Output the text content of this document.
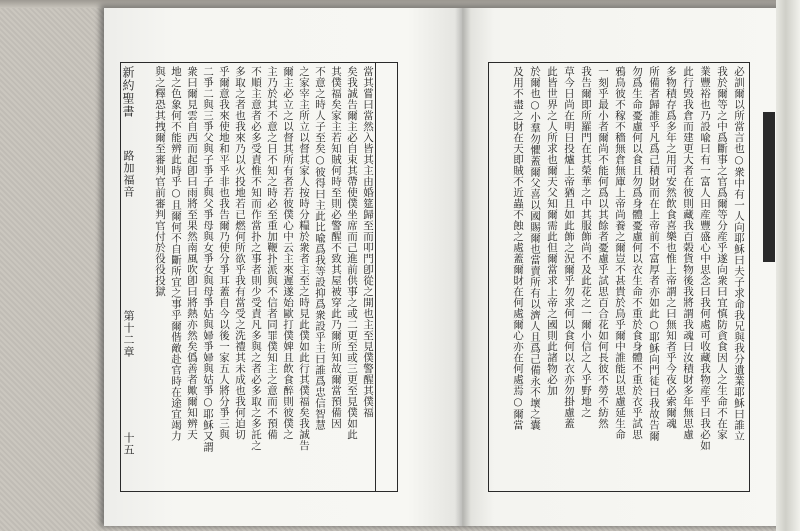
新約聖書
路加福音
第十二章
十五
當其嘗曰當然入皆其主由婚筵歸至而叩門卽從之開也主至見僕警醒其僕福
矣我誠告爾主必自束其帶使僕坐席而己進前供事之或二更至或三更至見僕如此
其僕福矣家主若知賊何時至則必警醒不致其屋被穿此乃爾所知故爾當預備因
不意之時人子至矣○彼得曰主此比喩爲我等設抑爲衆設乎主曰誰爲忠信智慧
之家宰主所立以督其家人按時分糧於衆者主至之時見此僕如此行其僕福矣我誠告
爾主必立之以督其所有者若彼僕心中云主來遲遂始歐打僕婢且飲食醉則彼僕之
主乃於其不意之日不知之時必至重加鞭扑派與不信者同罪僕知主之意而不預備
不順主意者必多受責惟不知而作當扑之事者則少受責凡多與之者必多取之多託之
多取之者也我來乃以火投地若已燃何所欲乎我有當受之洗禮其未成也我何迫切
乎爾意我來使地和平乎非也我告爾乃使分爭耳蓋自今以後一家五人將分爭三與
二爭二與三爭父與子爭子與父爭母與女爭女與母爭姑與婦爭婦與姑爭○耶穌又謂
衆曰爾見雲自西而起卽曰雨將至果然南風吹卽曰將熱亦然矣僞善者歟爾知辨天
地之色象何不能辨此時乎○且爾何不自斷所宜之事乎爾偕敵赴官時在途宜竭力
與之釋恐其拽爾至審判官前審判官付於役役投獄	必訓爾以所當言也○衆中有一人向耶穌曰夫子求命我兄與我分遺業耶穌曰誰立
我於爾等之中爲斷事之官爲爾等分産乎遂向衆曰宜慎防貪食因人之生命不在家
業豐裕也乃設喩曰有一富人田産豐盛心中思念曰我何處可收藏我物産乎曰我必如
此行毁我倉而建更大者在彼則藏我百榖貨物後我將謂我魂曰汝積財多年無思慮
多物積存爲多年之用可安然飲食喜樂也惟上帝謂之曰無知者乎今夜必索爾魂
所備者歸誰乎凡爲己積財而在上帝前不富厚者亦如此○耶穌向門徒曰我故告爾
勿爲生命憂慮何以食且勿爲身體憂慮何以衣生命不重於食身體不重於衣乎試思
鴉鳥彼不稼不穡無倉無庫上帝尚養之爾豈不甚貴於鳥乎爾中誰能以思慮延生命
一刻乎最小者爾尚不能何爲以其餘者憂慮乎試思百合花如何長彼不勞不紡然
我告爾即所羅門在其榮華之中其服飾尚不及此花之一爾小信之人乎野地之
草今日尚在明日投爐上帝猶且如此飾之況爾乎勿求何以食何以衣亦勿掛慮蓋
此皆世界之人所求也爾天父知爾需此但爾當求上帝之國則此諸物必加
於爾也○小羣勿懼蓋爾父喜以國賜爾也當賣所有以濟人且爲己備永不壞之囊
及用不盡之財在天即賊不近蟲不蝕之處蓋爾財在何處爾心亦在何處焉○爾當
